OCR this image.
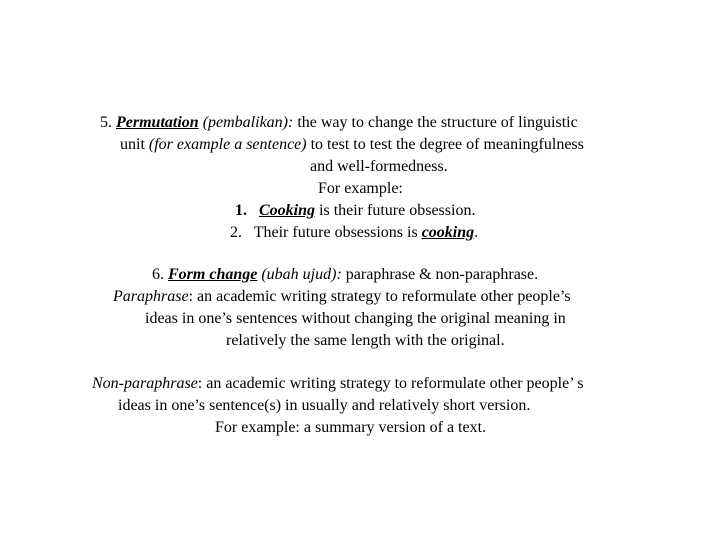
5. Permutation (pembalikan): the way to change the structure of linguistic
unit (for example a sentence) to test to test the degree of meaningfulness
and well-formedness.
For example:
1. Cooking is their future obsession.
2. Their future obsessions is cooking.
6. Form change (ubah ujud): paraphrase & non-paraphrase.
Paraphrase: an academic writing strategy to reformulate other people’s
ideas in one’s sentences without changing the original meaning in
relatively the same length with the original.
Non-paraphrase: an academic writing strategy to reformulate other people’ s
ideas in one’s sentence(s) in usually and relatively short version.
For example: a summary version of a text.
